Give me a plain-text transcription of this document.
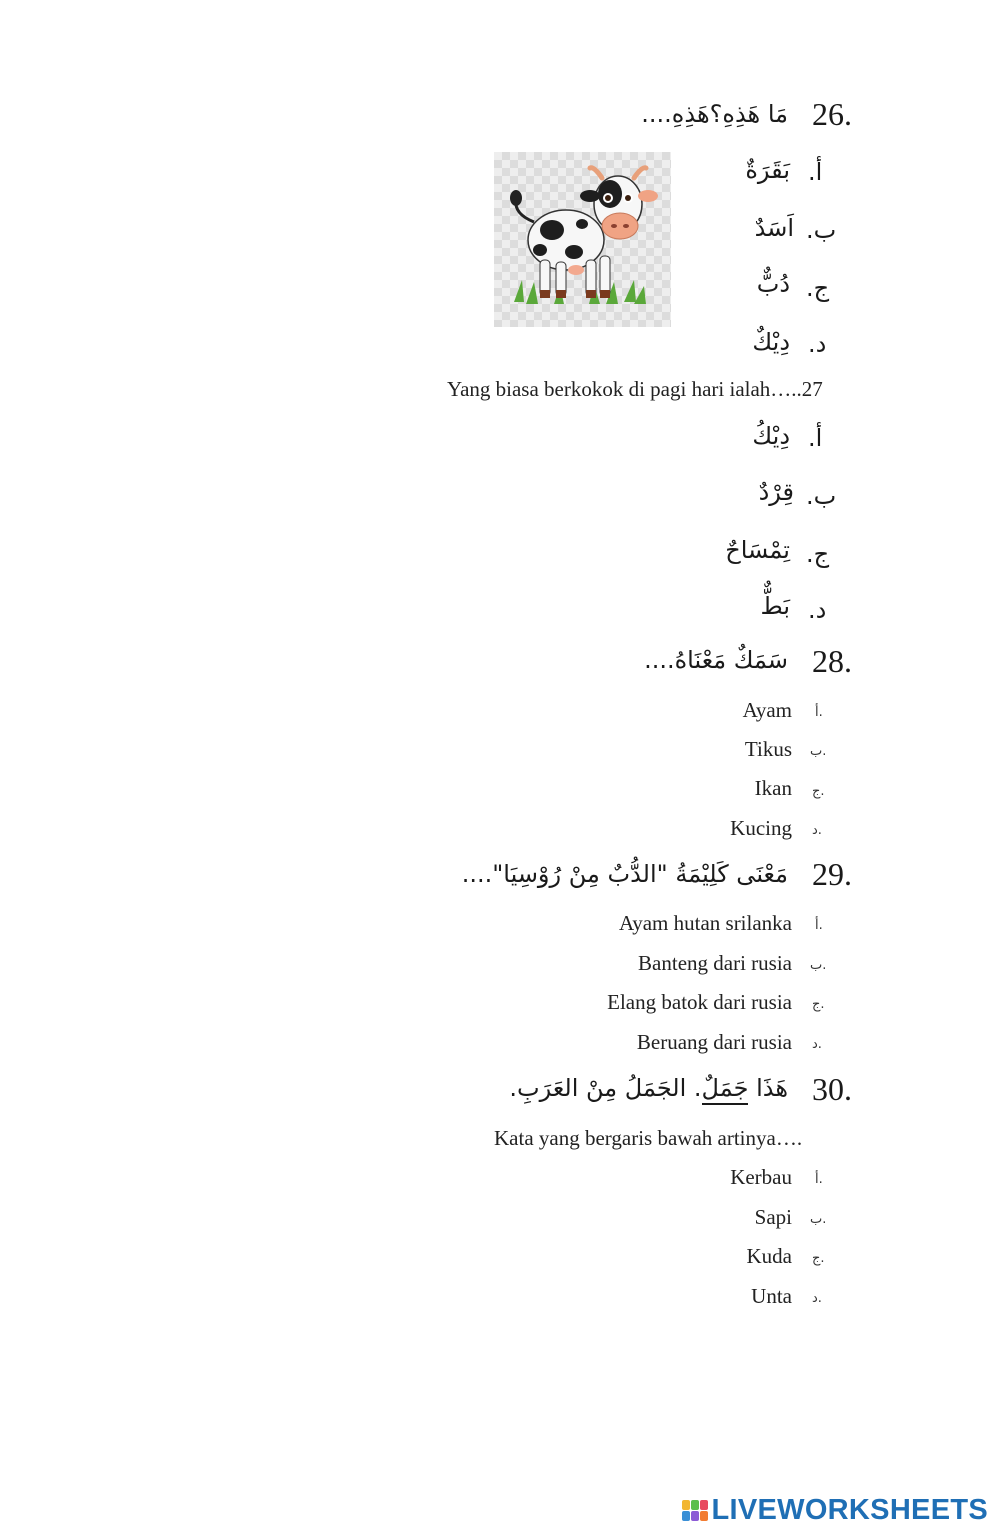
26.
مَا هَذِهِ؟هَذِهِ....
أ.
بَقَرَةٌ
ب.
اَسَدٌ
ج.
دُبٌّ
د.
دِيْكٌ
Yang biasa berkokok di pagi hari ialah…..27
أ.
دِيْكُ
ب.
قِرْدٌ
ج.
تِمْسَاحٌ
د.
بَطٌّ
28.
سَمَكٌ مَعْنَاهُ....
أ.
Ayam
ب.
Tikus
ج.
Ikan
د.
Kucing
29.
مَعْنَى كَلِيْمَةُ "الدُّبٌ مِنْ رُوْسِيَا"....
أ.
Ayam hutan srilanka
ب.
Banteng dari rusia
ج.
Elang batok dari rusia
د.
Beruang dari rusia
30.
هَذَا جَمَلٌ. الجَمَلُ مِنْ العَرَبِ.
Kata yang bergaris bawah artinya….
أ.
Kerbau
ب.
Sapi
ج.
Kuda
د.
Unta
LIVEWORKSHEETS
